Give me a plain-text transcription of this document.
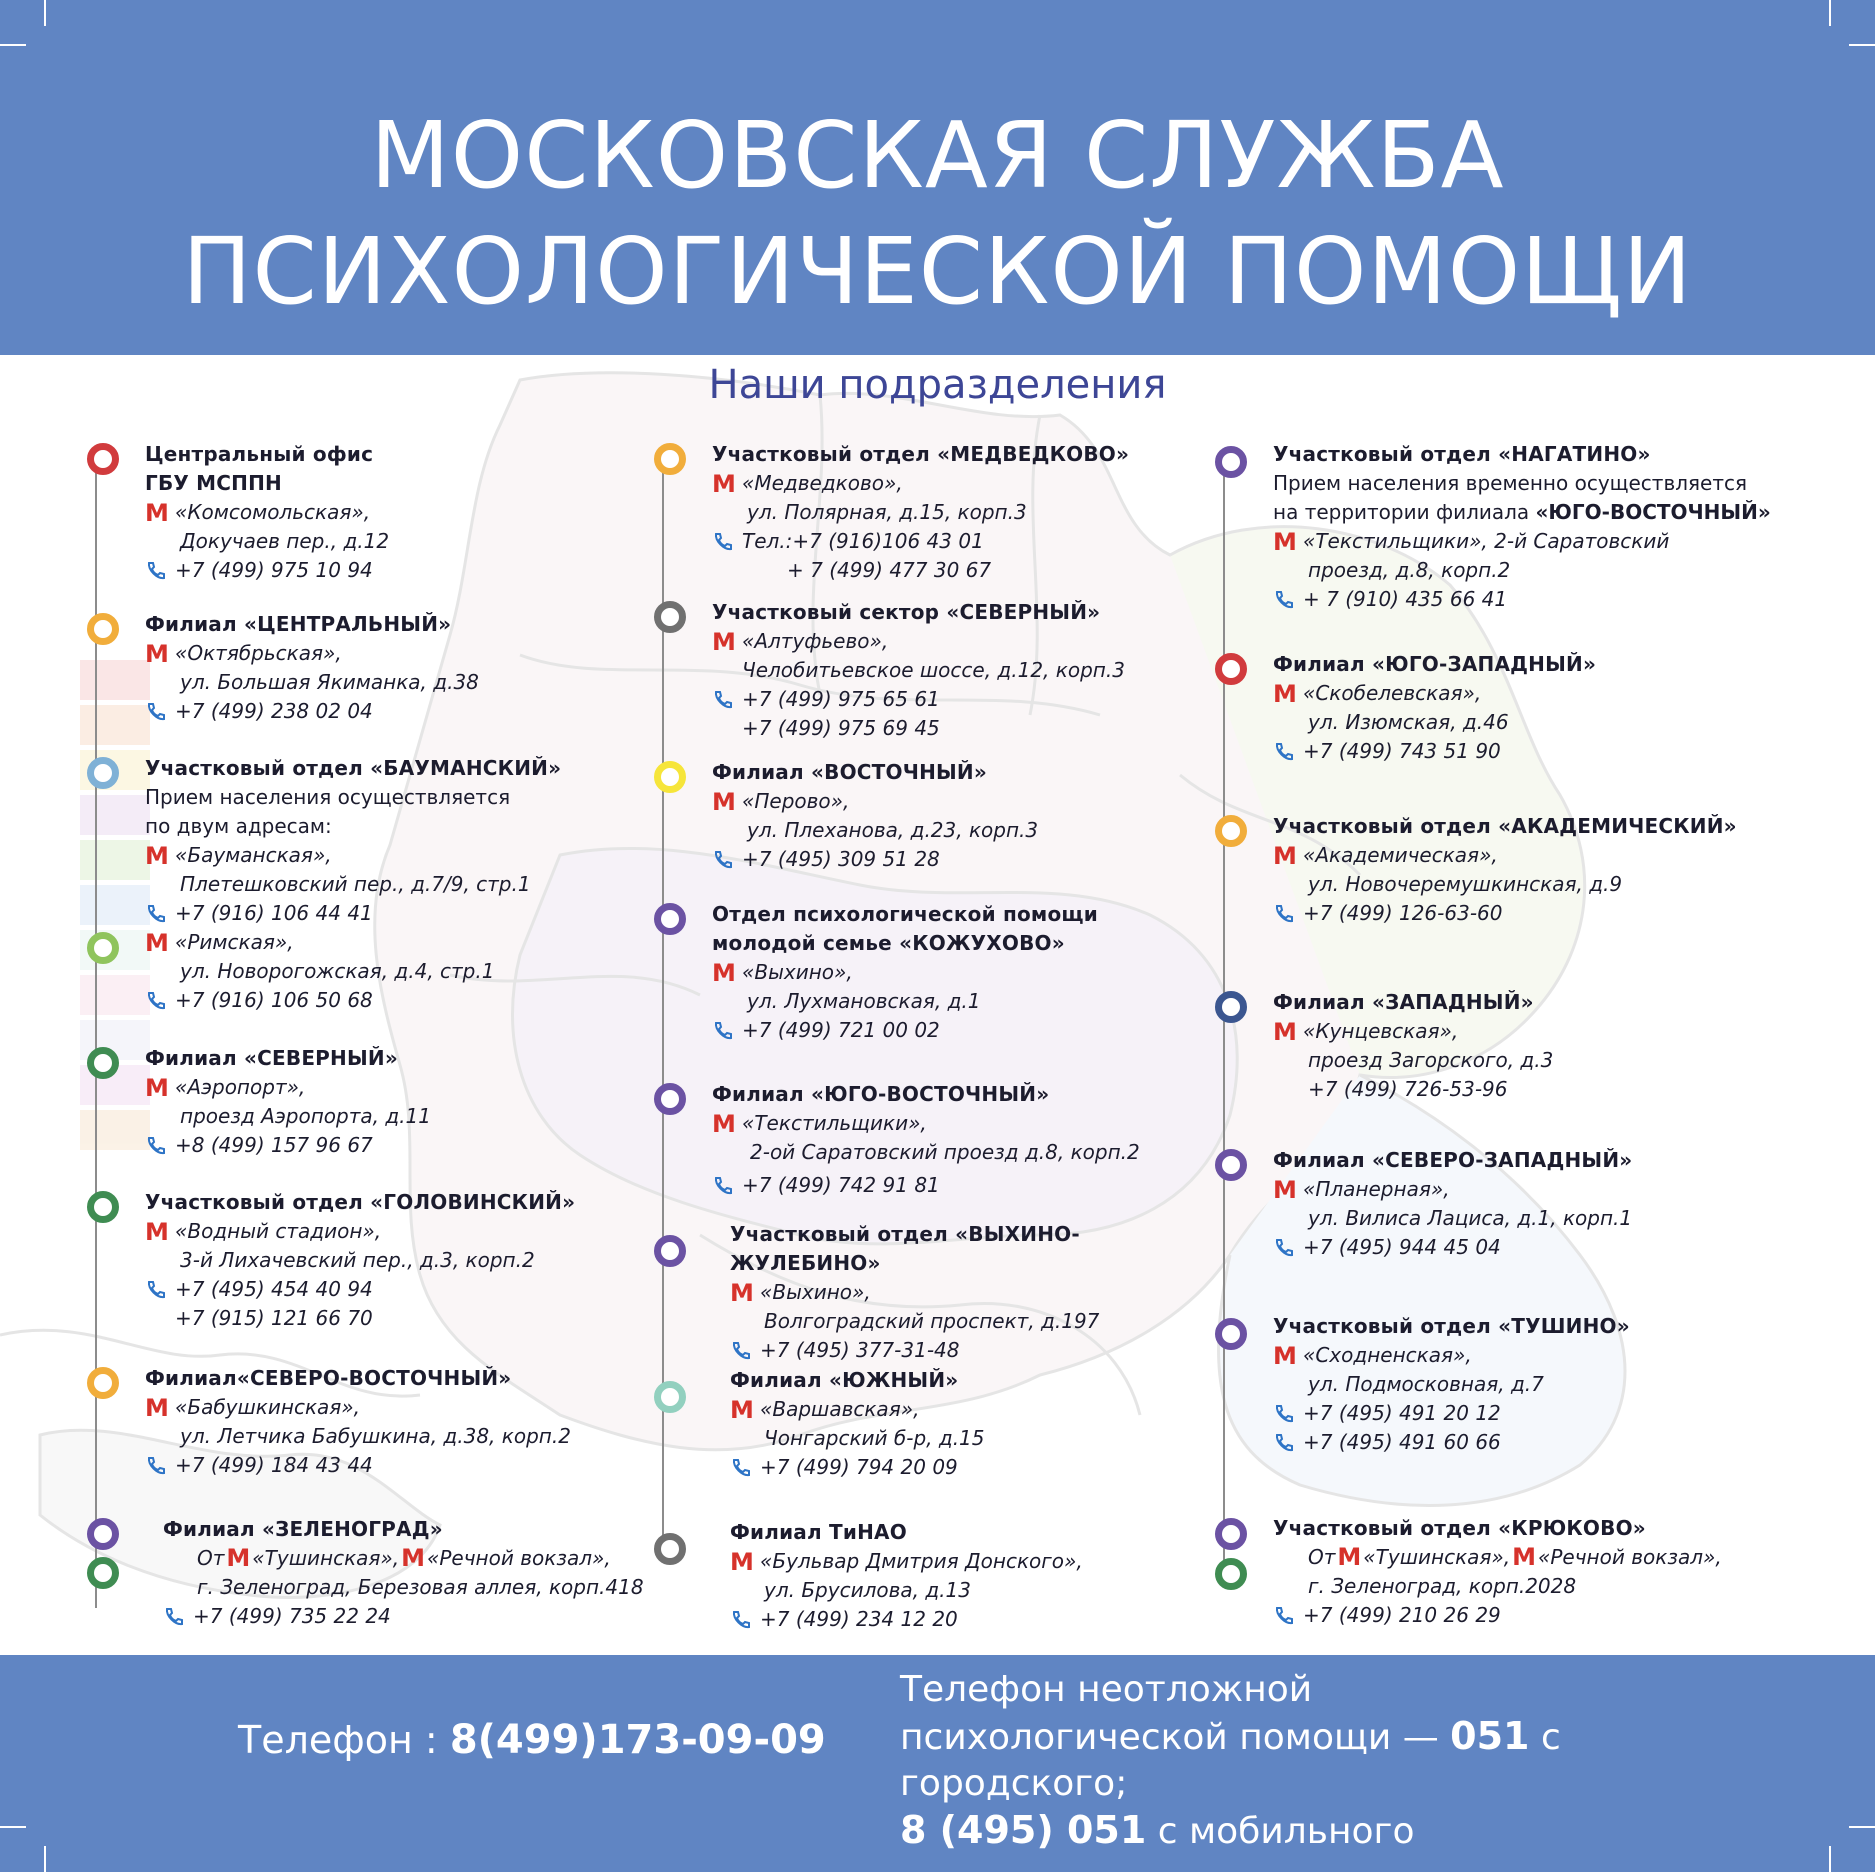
МОСКОВСКАЯ СЛУЖБА
ПСИХОЛОГИЧЕСКОЙ ПОМОЩИ
Наши подразделения
Центральный офис
ГБУ МСППН
M «Комсомольская»,
Докучаев пер., д.12
+7 (499) 975 10 94
Филиал «ЦЕНТРАЛЬНЫЙ»
M «Октябрьская»,
ул. Большая Якиманка, д.38
+7 (499) 238 02 04
Участковый отдел «БАУМАНСКИЙ»
Прием населения осуществляется
по двум адресам:
M «Бауманская»,
Плетешковский пер., д.7/9, стр.1
+7 (916) 106 44 41
M «Римская»,
ул. Новорогожская, д.4, стр.1
+7 (916) 106 50 68
Филиал «СЕВЕРНЫЙ»
M «Аэропорт»,
проезд Аэропорта, д.11
+8 (499) 157 96 67
Участковый отдел «ГОЛОВИНСКИЙ»
M «Водный стадион»,
3-й Лихачевский пер., д.3, корп.2
+7 (495) 454 40 94
+7 (915) 121 66 70
Филиал«СЕВЕРО-ВОСТОЧНЫЙ»
M «Бабушкинская»,
ул. Летчика Бабушкина, д.38, корп.2
+7 (499) 184 43 44
Филиал «ЗЕЛЕНОГРАД»
От M «Тушинская», M «Речной вокзал»,
г. Зеленоград, Березовая аллея, корп.418
+7 (499) 735 22 24
Участковый отдел «МЕДВЕДКОВО»
M «Медведково»,
ул. Полярная, д.15, корп.3
Тел.:+7 (916)106 43 01
+ 7 (499) 477 30 67
Участковый сектор «СЕВЕРНЫЙ»
M «Алтуфьево»,
Челобитьевское шоссе, д.12, корп.3
+7 (499) 975 65 61
+7 (499) 975 69 45
Филиал «ВОСТОЧНЫЙ»
M «Перово»,
ул. Плеханова, д.23, корп.3
+7 (495) 309 51 28
Отдел психологической помощи
молодой семье «КОЖУХОВО»
M «Выхино»,
ул. Лухмановская, д.1
+7 (499) 721 00 02
Филиал «ЮГО-ВОСТОЧНЫЙ»
M «Текстильщики»,
2-ой Саратовский проезд д.8, корп.2
+7 (499) 742 91 81
Участковый отдел «ВЫХИНО-ЖУЛЕБИНО»
M «Выхино»,
Волгоградский проспект, д.197
+7 (495) 377-31-48
Филиал «ЮЖНЫЙ»
M «Варшавская»,
Чонгарский б-р, д.15
+7 (499) 794 20 09
Филиал ТиНАО
M «Бульвар Дмитрия Донского»,
ул. Брусилова, д.13
+7 (499) 234 12 20
Участковый отдел «НАГАТИНО»
Прием населения временно осуществляется
на территории филиала «ЮГО-ВОСТОЧНЫЙ»
M «Текстильщики», 2-й Саратовский
проезд, д.8, корп.2
+ 7 (910) 435 66 41
Филиал «ЮГО-ЗАПАДНЫЙ»
M «Скобелевская»,
ул. Изюмская, д.46
+7 (499) 743 51 90
Участковый отдел «АКАДЕМИЧЕСКИЙ»
M «Академическая»,
ул. Новочеремушкинская, д.9
+7 (499) 126-63-60
Филиал «ЗАПАДНЫЙ»
M «Кунцевская»,
проезд Загорского, д.3
+7 (499) 726-53-96
Филиал «СЕВЕРО-ЗАПАДНЫЙ»
M «Планерная»,
ул. Вилиса Лациса, д.1, корп.1
+7 (495) 944 45 04
Участковый отдел «ТУШИНО»
M «Сходненская»,
ул. Подмосковная, д.7
+7 (495) 491 20 12
+7 (495) 491 60 66
Участковый отдел «КРЮКОВО»
От M «Тушинская», M «Речной вокзал»,
г. Зеленоград, корп.2028
+7 (499) 210 26 29
Телефон : 8(499)173-09-09
Телефон неотложной
психологической помощи — 051 с городского;
8 (495) 051 с мобильного
